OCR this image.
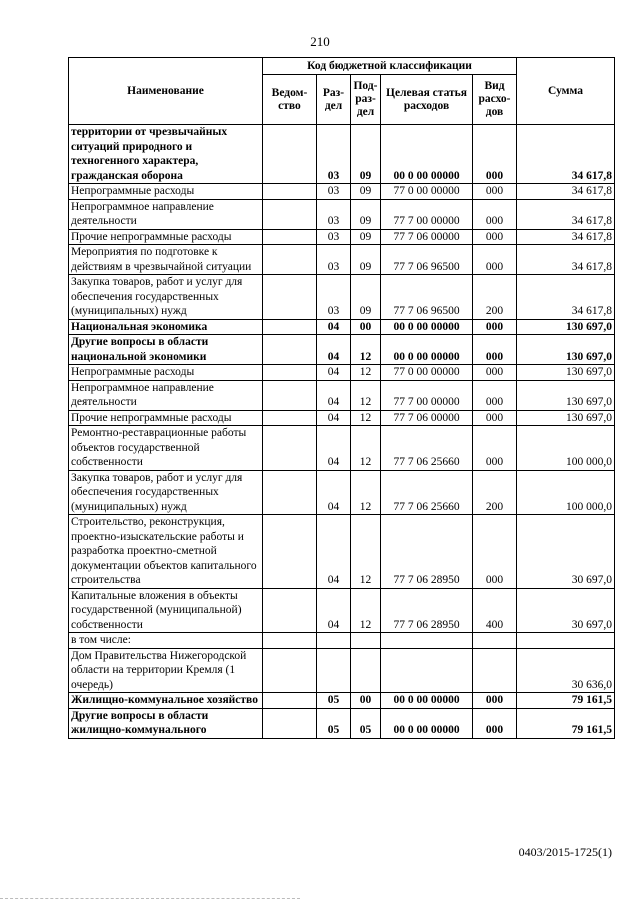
210
Наименование	Код бюджетной классификации					Сумма
	Ведом-ство	Раз-дел	Под-раз-дел	Целевая статья расходов	Вид расхо-дов	
территории от чрезвычайных ситуаций природного и техногенного характера, гражданская оборона		03	09	00 0 00 00000	000	34 617,8
Непрограммные расходы		03	09	77 0 00 00000	000	34 617,8
Непрограммное направление деятельности		03	09	77 7 00 00000	000	34 617,8
Прочие непрограммные расходы		03	09	77 7 06 00000	000	34 617,8
Мероприятия по подготовке к действиям в чрезвычайной ситуации		03	09	77 7 06 96500	000	34 617,8
Закупка товаров, работ и услуг для обеспечения государственных (муниципальных) нужд		03	09	77 7 06 96500	200	34 617,8
Национальная экономика		04	00	00 0 00 00000	000	130 697,0
Другие вопросы в области национальной экономики		04	12	00 0 00 00000	000	130 697,0
Непрограммные расходы		04	12	77 0 00 00000	000	130 697,0
Непрограммное направление деятельности		04	12	77 7 00 00000	000	130 697,0
Прочие непрограммные расходы		04	12	77 7 06 00000	000	130 697,0
Ремонтно-реставрационные работы объектов государственной собственности		04	12	77 7 06 25660	000	100 000,0
Закупка товаров, работ и услуг для обеспечения государственных (муниципальных) нужд		04	12	77 7 06 25660	200	100 000,0
Строительство, реконструкция, проектно-изыскательские работы и разработка проектно-сметной документации объектов капитального строительства		04	12	77 7 06 28950	000	30 697,0
Капитальные вложения в объекты государственной (муниципальной) собственности		04	12	77 7 06 28950	400	30 697,0
в том числе:						
Дом Правительства Нижегородской области на территории Кремля (1 очередь)						30 636,0
Жилищно-коммунальное хозяйство		05	00	00 0 00 00000	000	79 161,5
Другие вопросы в области жилищно-коммунального		05	05	00 0 00 00000	000	79 161,5
0403/2015-1725(1)
